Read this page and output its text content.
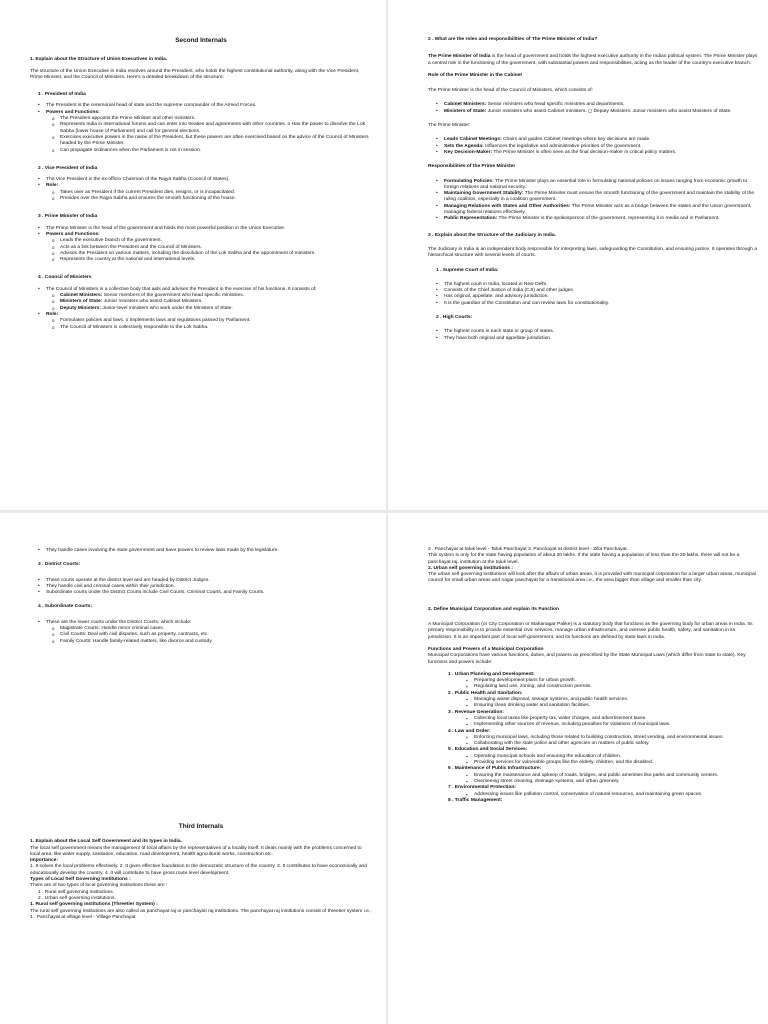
Second Internals

1. Explain about the Structure of Union Executives in India.

The structure of the Union Executive in India revolves around the President, who holds the highest constitutional authority, along with the Vice President, Prime Minister, and the Council of Ministers. Here's a detailed breakdown of the structure:

1 . President of India

• The President is the ceremonial head of state and the supreme commander of the Armed Forces.
• Powers and Functions:
o The President appoints the Prime Minister and other ministers.
o Represents India in international forums and can enter into treaties and agreements with other countries. o Has the power to dissolve the Lok Sabha (lower house of Parliament) and call for general elections.
o Exercises executive powers in the name of the President, but these powers are often exercised based on the advice of the Council of Ministers headed by the Prime Minister.
o Can propagate ordinances when the Parliament is not in session.

2 . Vice President of India

• The Vice President is the ex-officio Chairman of the Rajya Sabha (Council of States).
• Role:
o Takes over as President if the current President dies, resigns, or is incapacitated.
o Presides over the Rajya Sabha and ensures the smooth functioning of the house.

3 . Prime Minister of India

• The Prime Minister is the head of the government and holds the most powerful position in the Union Executive.
• Powers and Functions:
o Leads the executive branch of the government.
o Acts as a link between the President and the Council of Ministers.
o Advises the President on various matters, including the dissolution of the Lok Sabha and the appointment of ministers.
o Represents the country at the national and international levels.

4 . Council of Ministers

• The Council of Ministers is a collective body that aids and advises the President in the exercise of his functions. It consists of:
o Cabinet Ministers: Senior members of the government who head specific ministries.
o Ministers of State: Junior ministers who assist Cabinet Ministers.
o Deputy Ministers: Junior-level ministers who work under the Ministers of State.
• Role:
o Formulates policies and laws. o Implements laws and regulations passed by Parliament.
o The Council of Ministers is collectively responsible to the Lok Sabha.

2 . What are the roles and responsibilities of The Prime Minister of India?

The Prime Minister of India is the head of government and holds the highest executive authority in the Indian political system. The Prime Minister plays a central role in the functioning of the government, with substantial powers and responsibilities, acting as the leader of the country's executive branch.

Role of the Prime Minister in the Cabinet

The Prime Minister is the head of the Council of Ministers, which consists of:

• Cabinet Ministers: Senior ministers who head specific ministries and departments.
• Ministers of State: Junior ministers who assist Cabinet ministers. ◻ Deputy Ministers: Junior ministers who assist Ministers of State.

The Prime Minister:

• Leads Cabinet Meetings: Chairs and guides Cabinet meetings where key decisions are made.
• Sets the Agenda: Influences the legislative and administrative priorities of the government.
• Key Decision-Maker: The Prime Minister is often seen as the final decision-maker in critical policy matters.

Responsibilities of the Prime Minister

• Formulating Policies: The Prime Minister plays an essential role in formulating national policies on issues ranging from economic growth to foreign relations and national security.
• Maintaining Government Stability: The Prime Minister must ensure the smooth functioning of the government and maintain the stability of the ruling coalition, especially in a coalition government.
• Managing Relations with States and Other Authorities: The Prime Minister acts as a bridge between the states and the Union government, managing federal relations effectively.
• Public Representation: The Prime Minister is the spokesperson of the government, representing it in media and in Parliament.

3 . Explain about the Structure of the Judiciary in India.

The Judiciary in India is an independent body responsible for interpreting laws, safeguarding the Constitution, and ensuring justice. It operates through a hierarchical structure with several levels of courts.

1 . Supreme Court of India:

• The highest court in India, located in New Delhi.
• Consists of the Chief Justice of India (CJI) and other judges.
• Has original, appellate, and advisory jurisdiction.
• It is the guardian of the Constitution and can review laws for constitutionality.

2 . High Courts:

• The highest courts in each state or group of states.
• They have both original and appellate jurisdiction.
• They handle cases involving the state government and have powers to review laws made by the legislature.

3 . District Courts:

• These courts operate at the district level and are headed by District Judges.
• They handle civil and criminal cases within their jurisdiction.
• Subordinate courts under the District Courts include Civil Courts, Criminal Courts, and Family Courts.

4 . Subordinate Courts:

• These are the lower courts under the District Courts, which include:
o Magistrate Courts: Handle minor criminal cases.
o Civil Courts: Deal with civil disputes, such as property, contracts, etc.
o Family Courts: Handle family-related matters, like divorce and custody.
Third Internals

1. Explain about the Local Self Government and its types in India.

The local self government means the management of local affairs by the representatives of a locality itself. It deals mainly with the problems concerned to local area, like water supply, sanitation, education, road development, health agricultural works, construction etc.

Importance:

1. It solves the local problems effectively. 2. It gives effective foundation to the democratic structure of the country. 3. It contributes to have economically and educationally develop the country. 4. It will contribute to have gross route level development.

Types of Local Self Governing Institutions :

There are of two types of local governing institutions these are :

1 . Rural self governing institutions.

2 . Urban self governing institutions.

1. Rural self governing institutions (Threetier System) :

The rural self governing institutions are also called as panchayat raj or panchayati raj institutions. The panchayat raj institutions consist of threetier system i.e.,

1 . Panchayat at village level - Village Panchayat

2 . Panchayat at taluk level - Taluk Panchayat 3. Panchayat at district level - Zilla Panchayat.

This system is only for the state having population of about 20 lakhs. If the state having a population of less than the 20 lakhs, there will not be a panchayat raj. institution at the taluk level.

2. Urban self governing institutions :

The urban self governing institutions will look after the affairs of urban areas, it is provided with municipal corporation for a larger urban areas, municipal council for small urban areas and nagar panchayat for a transitional area i.e., the area bigger than village and smaller than city.

2. Define Municipal Corporation and explain its Function

A Municipal Corporation (or City Corporation or Mahanagar Palike) is a statutory body that functions as the governing body for urban areas in India. Its primary responsibility is to provide essential civic services, manage urban infrastructure, and oversee public health, safety, and sanitation in its jurisdiction. It is an important part of local self-government, and its functions are defined by state laws in India.

Functions and Powers of a Municipal Corporation

Municipal Corporations have various functions, duties, and powers as prescribed by the State Municipal Laws (which differ from state to state). Key functions and powers include:

1 . Urban Planning and Development:

▪ Preparing development plans for urban growth.
▪ Regulating land use, zoning, and construction permits.

2 . Public Health and Sanitation:

▪ Managing waste disposal, sewage systems, and public health services.
▪ Ensuring clean drinking water and sanitation facilities.

3 . Revenue Generation:

▪ Collecting local taxes like property tax, water charges, and advertisement taxes.
▪ Implementing other sources of revenue, including penalties for violations of municipal laws.

4 . Law and Order:

▪ Enforcing municipal laws, including those related to building construction, street vending, and environmental issues.
▪ Collaborating with the state police and other agencies on matters of public safety.

5 . Education and Social Services:

▪ Operating municipal schools and ensuring the education of children.
▪ Providing services for vulnerable groups like the elderly, children, and the disabled.

6 . Maintenance of Public Infrastructure:

▪ Ensuring the maintenance and upkeep of roads, bridges, and public amenities like parks and community centers.
▪ Overseeing street cleaning, drainage systems, and urban greenery.

7 . Environmental Protection:

▪ Addressing issues like pollution control, conservation of natural resources, and maintaining green spaces.

8 . Traffic Management:
